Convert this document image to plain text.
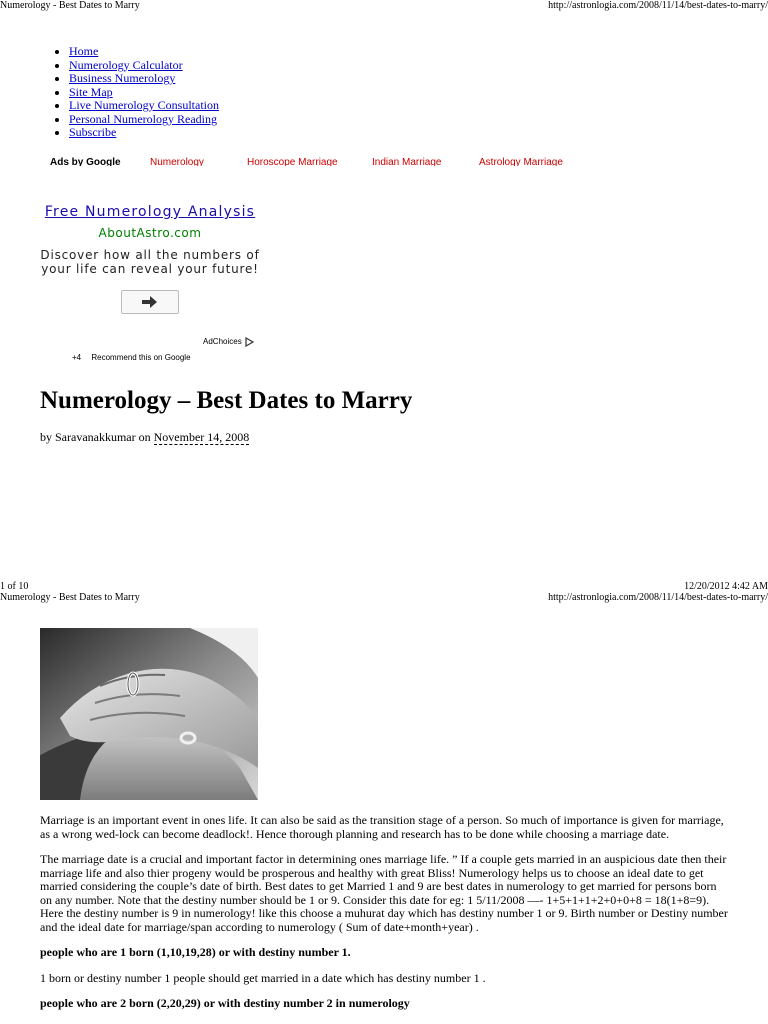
Numerology - Best Dates to Marry	http://astronlogia.com/2008/11/14/best-dates-to-marry/
• Home
• Numerology Calculator
• Business Numerology
• Site Map
• Live Numerology Consultation
• Personal Numerology Reading
• Subscribe
Ads by Google	Numerology	Horoscope Marriage	Indian Marriage	Astrology Marriage
Free Numerology Analysis
AboutAstro.com
Discover how all the numbers of your life can reveal your future!
AdChoices
+4 Recommend this on Google
Numerology – Best Dates to Marry
by Saravanakkumar on November 14, 2008
1 of 10	12/20/2012 4:42 AM
Numerology - Best Dates to Marry	http://astronlogia.com/2008/11/14/best-dates-to-marry/

Marriage is an important event in ones life. It can also be said as the transition stage of a person. So much of importance is given for marriage, as a wrong wed-lock can become deadlock!. Hence thorough planning and research has to be done while choosing a marriage date.

The marriage date is a crucial and important factor in determining ones marriage life. ” If a couple gets married in an auspicious date then their marriage life and also thier progeny would be prosperous and healthy with great Bliss! Numerology helps us to choose an ideal date to get married considering the couple’s date of birth. Best dates to get Married 1 and 9 are best dates in numerology to get married for persons born on any number. Note that the destiny number should be 1 or 9. Consider this date for eg: 1 5/11/2008 —- 1+5+1+1+2+0+0+8 = 18(1+8=9). Here the destiny number is 9 in numerology! like this choose a muhurat day which has destiny number 1 or 9. Birth number or Destiny number and the ideal date for marriage/span according to numerology ( Sum of date+month+year) .

people who are 1 born (1,10,19,28) or with destiny number 1.

1 born or destiny number 1 people should get married in a date which has destiny number 1 .

people who are 2 born (2,20,29) or with destiny number 2 in numerology
